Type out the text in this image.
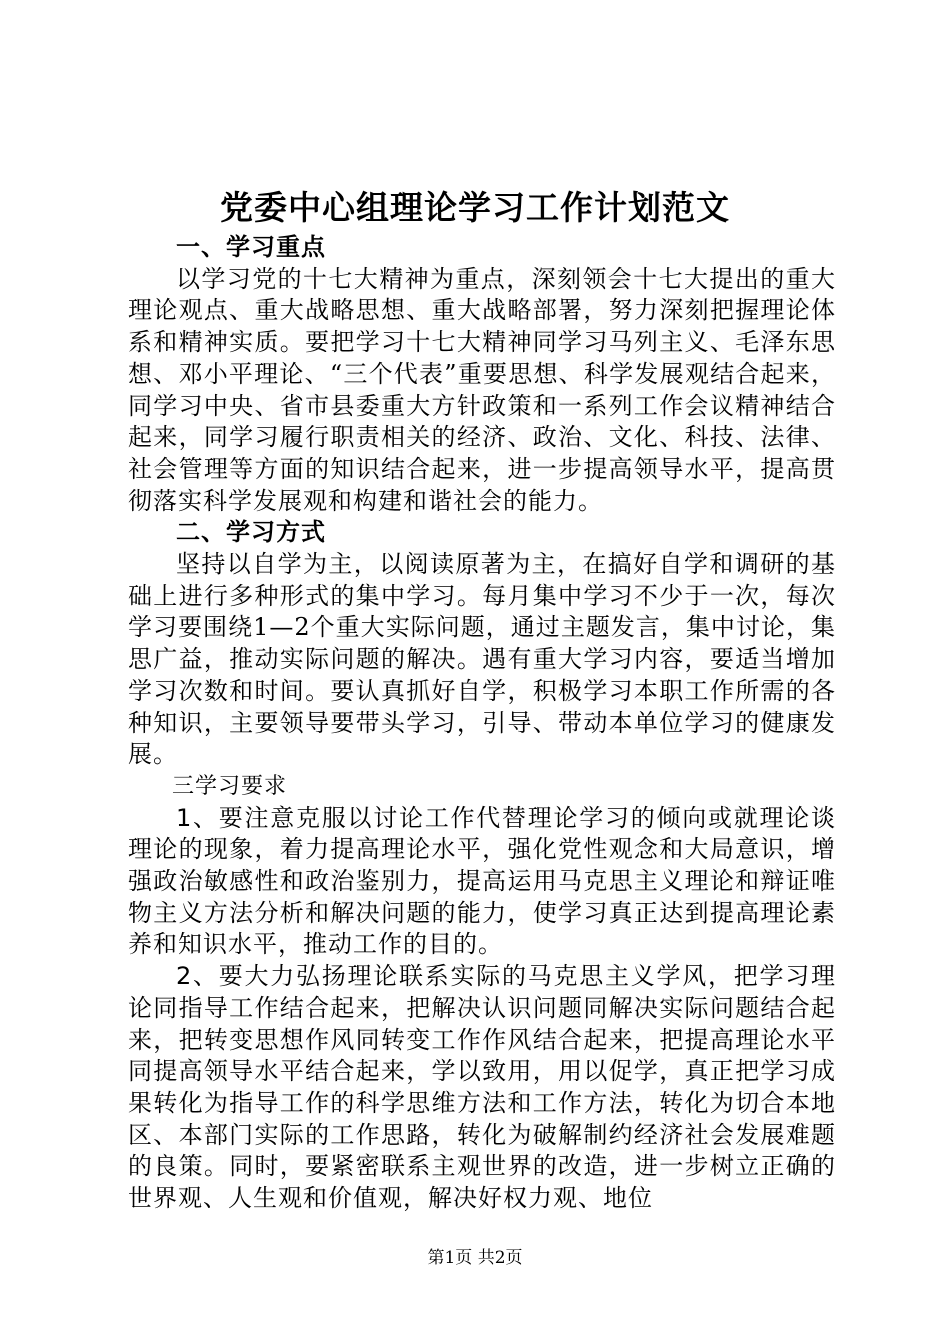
党委中心组理论学习工作计划范文

一、学习重点

以学习党的十七大精神为重点，深刻领会十七大提出的重大理论观点、重大战略思想、重大战略部署，努力深刻把握理论体系和精神实质。要把学习十七大精神同学习马列主义、毛泽东思想、邓小平理论、“三个代表”重要思想、科学发展观结合起来，同学习中央、省市县委重大方针政策和一系列工作会议精神结合起来，同学习履行职责相关的经济、政治、文化、科技、法律、社会管理等方面的知识结合起来，进一步提高领导水平，提高贯彻落实科学发展观和构建和谐社会的能力。

二、学习方式

坚持以自学为主，以阅读原著为主，在搞好自学和调研的基础上进行多种形式的集中学习。每月集中学习不少于一次，每次学习要围绕1—2个重大实际问题，通过主题发言，集中讨论，集思广益，推动实际问题的解决。遇有重大学习内容，要适当增加学习次数和时间。要认真抓好自学，积极学习本职工作所需的各种知识，主要领导要带头学习，引导、带动本单位学习的健康发展。

三学习要求

1、要注意克服以讨论工作代替理论学习的倾向或就理论谈理论的现象，着力提高理论水平，强化党性观念和大局意识，增强政治敏感性和政治鉴别力，提高运用马克思主义理论和辩证唯物主义方法分析和解决问题的能力，使学习真正达到提高理论素养和知识水平，推动工作的目的。

2、要大力弘扬理论联系实际的马克思主义学风，把学习理论同指导工作结合起来，把解决认识问题同解决实际问题结合起来，把转变思想作风同转变工作作风结合起来，把提高理论水平同提高领导水平结合起来，学以致用，用以促学，真正把学习成果转化为指导工作的科学思维方法和工作方法，转化为切合本地区、本部门实际的工作思路，转化为破解制约经济社会发展难题的良策。同时，要紧密联系主观世界的改造，进一步树立正确的世界观、人生观和价值观，解决好权力观、地位

第1页 共2页
